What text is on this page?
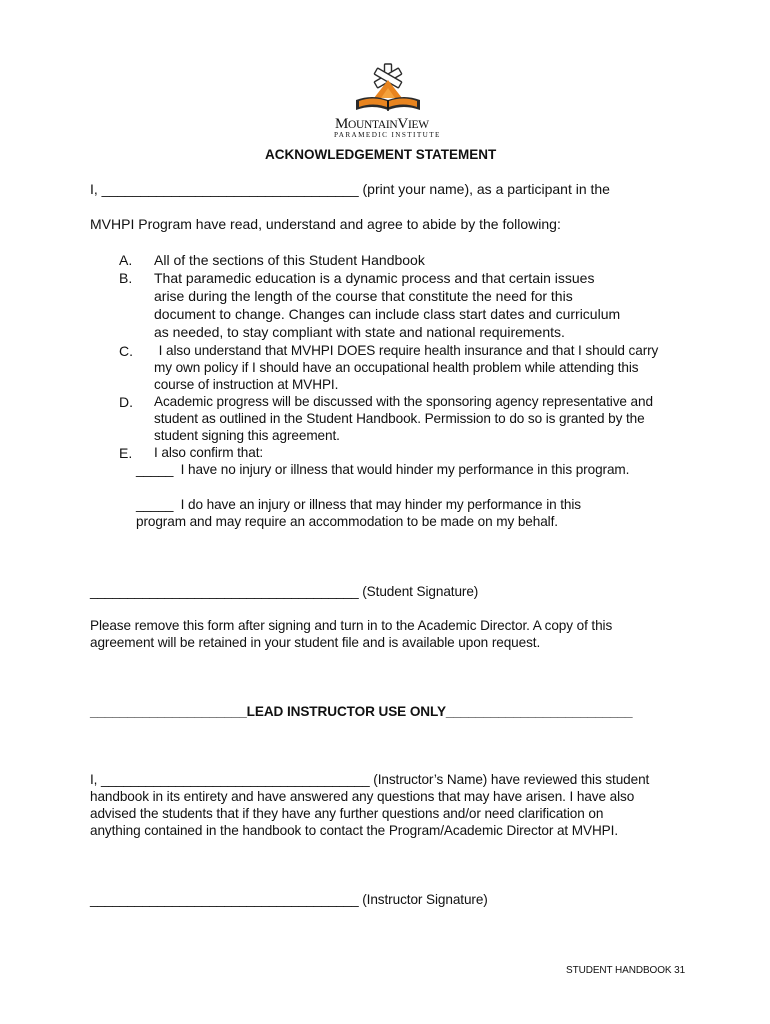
MOUNTAINVIEW
PARAMEDIC INSTITUTE
ACKNOWLEDGEMENT STATEMENT
I, _________________________________ (print your name), as a participant in the
MVHPI Program have read, understand and agree to abide by the following:
A.	All of the sections of this Student Handbook
B.	That paramedic education is a dynamic process and that certain issues
arise during the length of the course that constitute the need for this
document to change. Changes can include class start dates and curriculum
as needed, to stay compliant with state and national requirements.
C.	I also understand that MVHPI DOES require health insurance and that I should carry
my own policy if I should have an occupational health problem while attending this
course of instruction at MVHPI.
D.	Academic progress will be discussed with the sponsoring agency representative and
student as outlined in the Student Handbook. Permission to do so is granted by the
student signing this agreement.
E.	I also confirm that:
_____  I have no injury or illness that would hinder my performance in this program.
_____  I do have an injury or illness that may hinder my performance in this
program and may require an accommodation to be made on my behalf.
____________________________________ (Student Signature)
Please remove this form after signing and turn in to the Academic Director. A copy of this
agreement will be retained in your student file and is available upon request.
_____________________LEAD INSTRUCTOR USE ONLY_________________________
I, ____________________________________ (Instructor’s Name) have reviewed this student
handbook in its entirety and have answered any questions that may have arisen. I have also
advised the students that if they have any further questions and/or need clarification on
anything contained in the handbook to contact the Program/Academic Director at MVHPI.
____________________________________ (Instructor Signature)
STUDENT HANDBOOK 31
